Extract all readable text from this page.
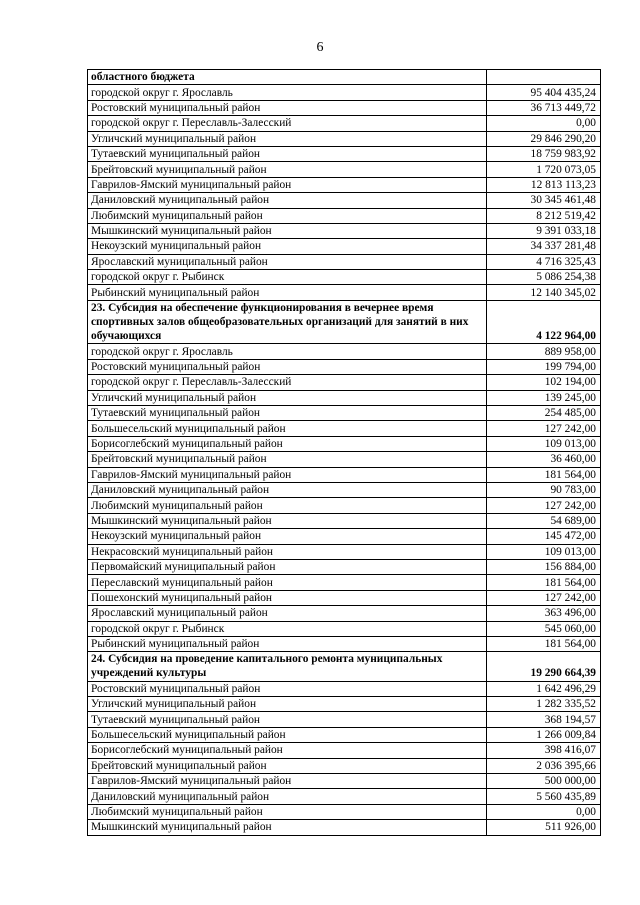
6
областного бюджета	
городской округ г. Ярославль	95 404 435,24
Ростовский муниципальный район	36 713 449,72
городской округ г. Переславль-Залесский	0,00
Угличский муниципальный район	29 846 290,20
Тутаевский муниципальный район	18 759 983,92
Брейтовский муниципальный район	1 720 073,05
Гаврилов-Ямский муниципальный район	12 813 113,23
Даниловский муниципальный район	30 345 461,48
Любимский муниципальный район	8 212 519,42
Мышкинский муниципальный район	9 391 033,18
Некоузский муниципальный район	34 337 281,48
Ярославский муниципальный район	4 716 325,43
городской округ г. Рыбинск	5 086 254,38
Рыбинский муниципальный район	12 140 345,02
23. Субсидия на обеспечение функционирования в вечернее время спортивных залов общеобразовательных организаций для занятий в них обучающихся	4 122 964,00
городской округ г. Ярославль	889 958,00
Ростовский муниципальный район	199 794,00
городской округ г. Переславль-Залесский	102 194,00
Угличский муниципальный район	139 245,00
Тутаевский муниципальный район	254 485,00
Большесельский муниципальный район	127 242,00
Борисоглебский муниципальный район	109 013,00
Брейтовский муниципальный район	36 460,00
Гаврилов-Ямский муниципальный район	181 564,00
Даниловский муниципальный район	90 783,00
Любимский муниципальный район	127 242,00
Мышкинский муниципальный район	54 689,00
Некоузский муниципальный район	145 472,00
Некрасовский муниципальный район	109 013,00
Первомайский муниципальный район	156 884,00
Переславский муниципальный район	181 564,00
Пошехонский муниципальный район	127 242,00
Ярославский муниципальный район	363 496,00
городской округ г. Рыбинск	545 060,00
Рыбинский муниципальный район	181 564,00
24. Субсидия на проведение капитального ремонта муниципальных учреждений культуры	19 290 664,39
Ростовский муниципальный район	1 642 496,29
Угличский муниципальный район	1 282 335,52
Тутаевский муниципальный район	368 194,57
Большесельский муниципальный район	1 266 009,84
Борисоглебский муниципальный район	398 416,07
Брейтовский муниципальный район	2 036 395,66
Гаврилов-Ямский муниципальный район	500 000,00
Даниловский муниципальный район	5 560 435,89
Любимский муниципальный район	0,00
Мышкинский муниципальный район	511 926,00
